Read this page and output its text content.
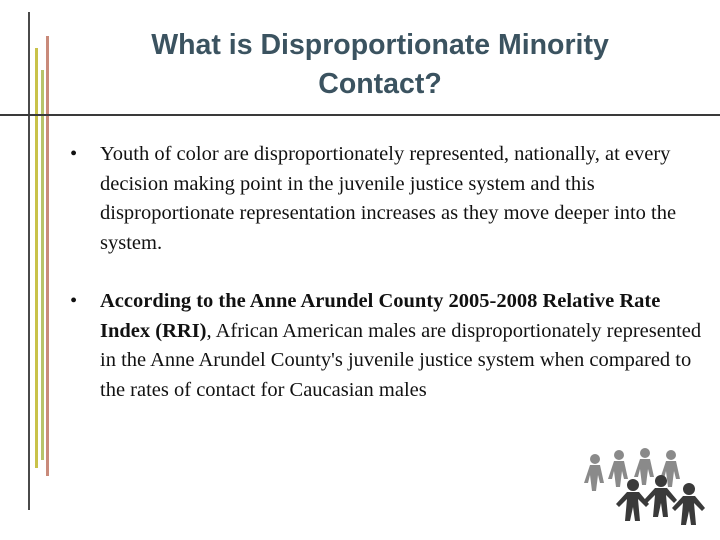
What is Disproportionate Minority
Contact?
•	Youth of color are disproportionately represented, nationally, at every decision making point in the juvenile justice system and this disproportionate representation increases as they move deeper into the system.
•	According to the Anne Arundel County 2005-2008 Relative Rate Index (RRI), African American males are disproportionately represented in the Anne Arundel County's juvenile justice system when compared to the rates of contact for Caucasian males
